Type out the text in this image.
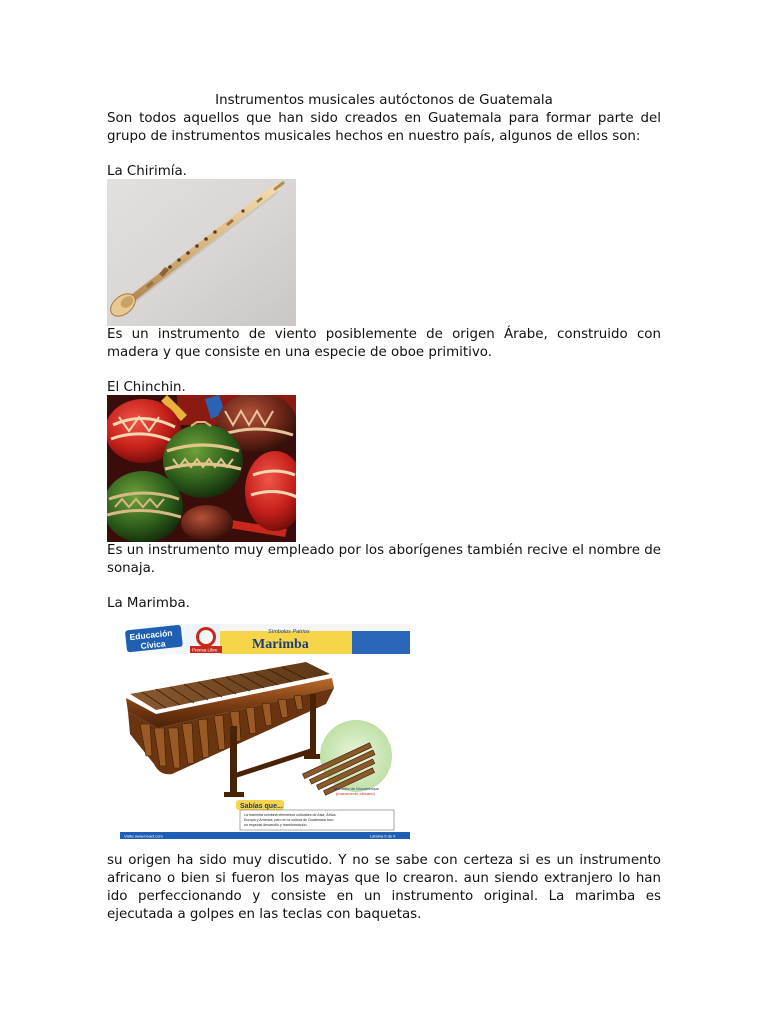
Instrumentos musicales autóctonos de Guatemala

Son todos aquellos que han sido creados en Guatemala para formar parte del grupo de instrumentos musicales hechos en nuestro país, algunos de ellos son:

La Chirimía.

Es un instrumento de viento posiblemente de origen Árabe, construido con madera y que consiste en una especie de oboe primitivo.

El Chinchin.

Es un instrumento muy empleado por los aborígenes también recive el nombre de sonaja.

La Marimba.

Símbolos Patrios
Marimba
Educación
Cívica	Prensa Libre
Marimba de Mozambique
(instrumento africano)
Sabías que...
La marimba combina elementos culturales de Asia, África,
Europa y América, pero en la cultura de Guatemala tuvo
un especial desarrollo y transformación.
Visite www.beact.com	Lámina 9 de 9

su origen ha sido muy discutido. Y no se sabe con certeza si es un instrumento africano o bien si fueron los mayas que lo crearon. aun siendo extranjero lo han ido perfeccionando y consiste en un instrumento original. La marimba es ejecutada a golpes en las teclas con baquetas.
